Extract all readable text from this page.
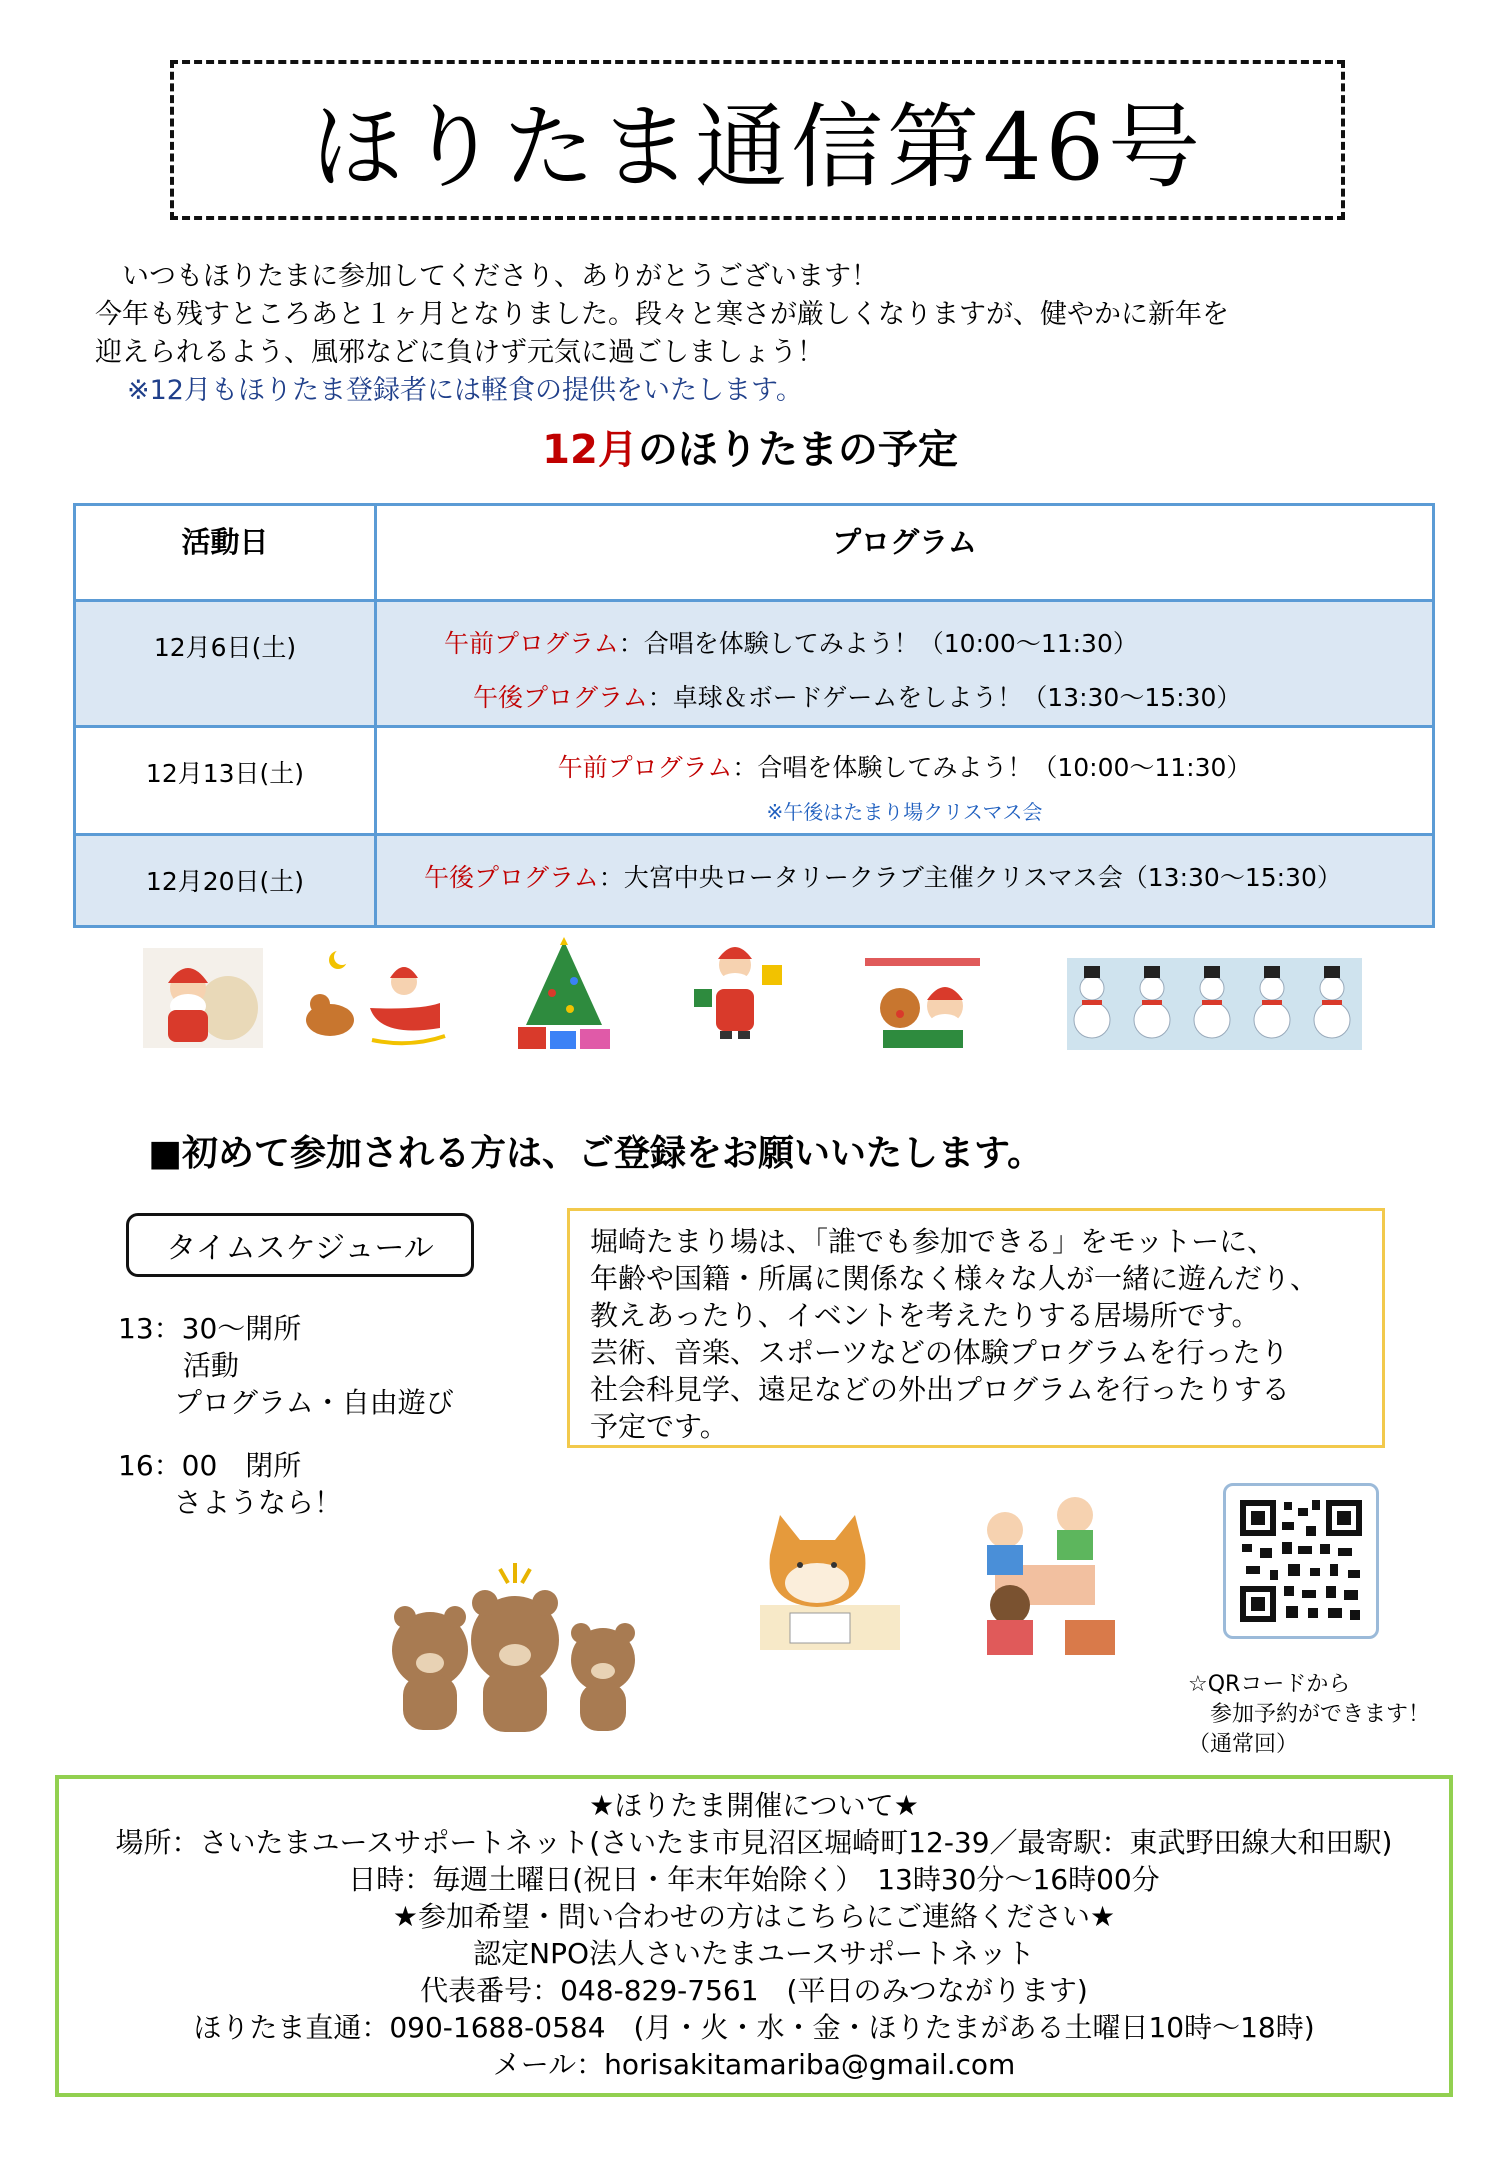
ほりたま通信第46号

　いつもほりたまに参加してくださり、ありがとうございます！

今年も残すところあと１ヶ月となりました。段々と寒さが厳しくなりますが、健やかに新年を

迎えられるよう、風邪などに負けず元気に過ごしましょう！

※12月もほりたま登録者には軽食の提供をいたします。

12月のほりたまの予定
活動日	プログラム
12月6日(土)	午前プログラム：合唱を体験してみよう！（10:00～11:30）
午後プログラム：卓球＆ボードゲームをしよう！（13:30～15:30）

12月13日(土)	午前プログラム：合唱を体験してみよう！（10:00～11:30）
※午後はたまり場クリスマス会

12月20日(土)	午後プログラム：大宮中央ロータリークラブ主催クリスマス会（13:30～15:30）
■初めて参加される方は、ご登録をお願いいたします。
タイムスケジュール

13：30～開所

　　 活動

　　プログラム・自由遊び

16：00　閉所

　　さようなら！

堀崎たまり場は、「誰でも参加できる」をモットーに、

年齢や国籍・所属に関係なく様々な人が一緒に遊んだり、

教えあったり、イベントを考えたりする居場所です。

芸術、音楽、スポーツなどの体験プログラムを行ったり

社会科見学、遠足などの外出プログラムを行ったりする

予定です。

☆QRコードから

　参加予約ができます！

（通常回）

★ほりたま開催について★

場所：さいたまユースサポートネット(さいたま市見沼区堀崎町12-39／最寄駅：東武野田線大和田駅)

日時：毎週土曜日(祝日・年末年始除く）　13時30分～16時00分

★参加希望・問い合わせの方はこちらにご連絡ください★

認定NPO法人さいたまユースサポートネット

代表番号：048-829-7561　(平日のみつながります)

ほりたま直通：090-1688-0584　(月・火・水・金・ほりたまがある土曜日10時～18時)

メール：horisakitamariba@gmail.com
